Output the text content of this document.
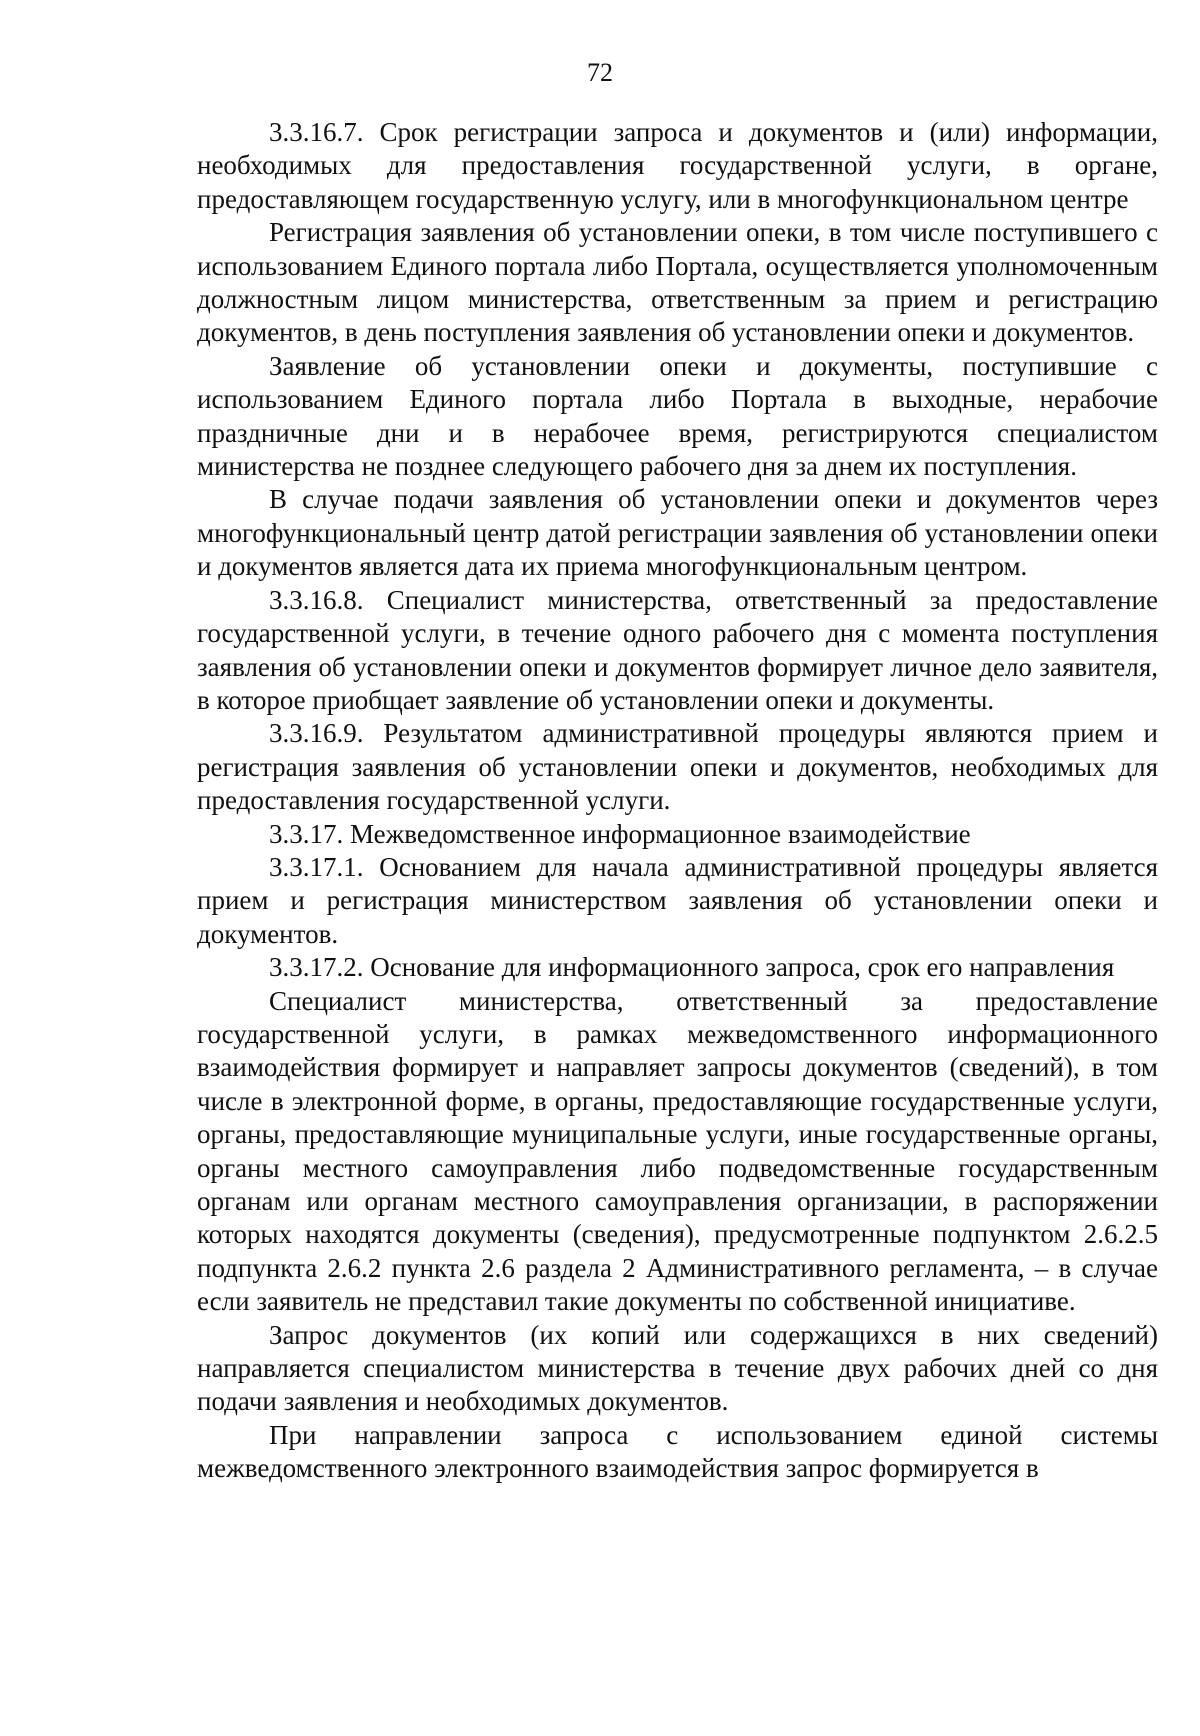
72

3.3.16.7. Срок регистрации запроса и документов и (или) информации, необходимых для предоставления государственной услуги, в органе, предоставляющем государственную услугу, или в многофункциональном центре

Регистрация заявления об установлении опеки, в том числе поступившего с использованием Единого портала либо Портала, осуществляется уполномоченным должностным лицом министерства, ответственным за прием и регистрацию документов, в день поступления заявления об установлении опеки и документов.

Заявление об установлении опеки и документы, поступившие с использованием Единого портала либо Портала в выходные, нерабочие праздничные дни и в нерабочее время, регистрируются специалистом министерства не позднее следующего рабочего дня за днем их поступления.

В случае подачи заявления об установлении опеки и документов через многофункциональный центр датой регистрации заявления об установлении опеки и документов является дата их приема многофункциональным центром.

3.3.16.8. Специалист министерства, ответственный за предоставление государственной услуги, в течение одного рабочего дня с момента поступления заявления об установлении опеки и документов формирует личное дело заявителя, в которое приобщает заявление об установлении опеки и документы.

3.3.16.9. Результатом административной процедуры являются прием и регистрация заявления об установлении опеки и документов, необходимых для предоставления государственной услуги.

3.3.17. Межведомственное информационное взаимодействие

3.3.17.1. Основанием для начала административной процедуры является прием и регистрация министерством заявления об установлении опеки и документов.

3.3.17.2. Основание для информационного запроса, срок его направления

Специалист министерства, ответственный за предоставление государственной услуги, в рамках межведомственного информационного взаимодействия формирует и направляет запросы документов (сведений), в том числе в электронной форме, в органы, предоставляющие государственные услуги, органы, предоставляющие муниципальные услуги, иные государственные органы, органы местного самоуправления либо подведомственные государственным органам или органам местного самоуправления организации, в распоряжении которых находятся документы (сведения), предусмотренные подпунктом 2.6.2.5 подпункта 2.6.2 пункта 2.6 раздела 2 Административного регламента, – в случае если заявитель не представил такие документы по собственной инициативе.

Запрос документов (их копий или содержащихся в них сведений) направляется специалистом министерства в течение двух рабочих дней со дня подачи заявления и необходимых документов.

При направлении запроса с использованием единой системы межведомственного электронного взаимодействия запрос формируется в
